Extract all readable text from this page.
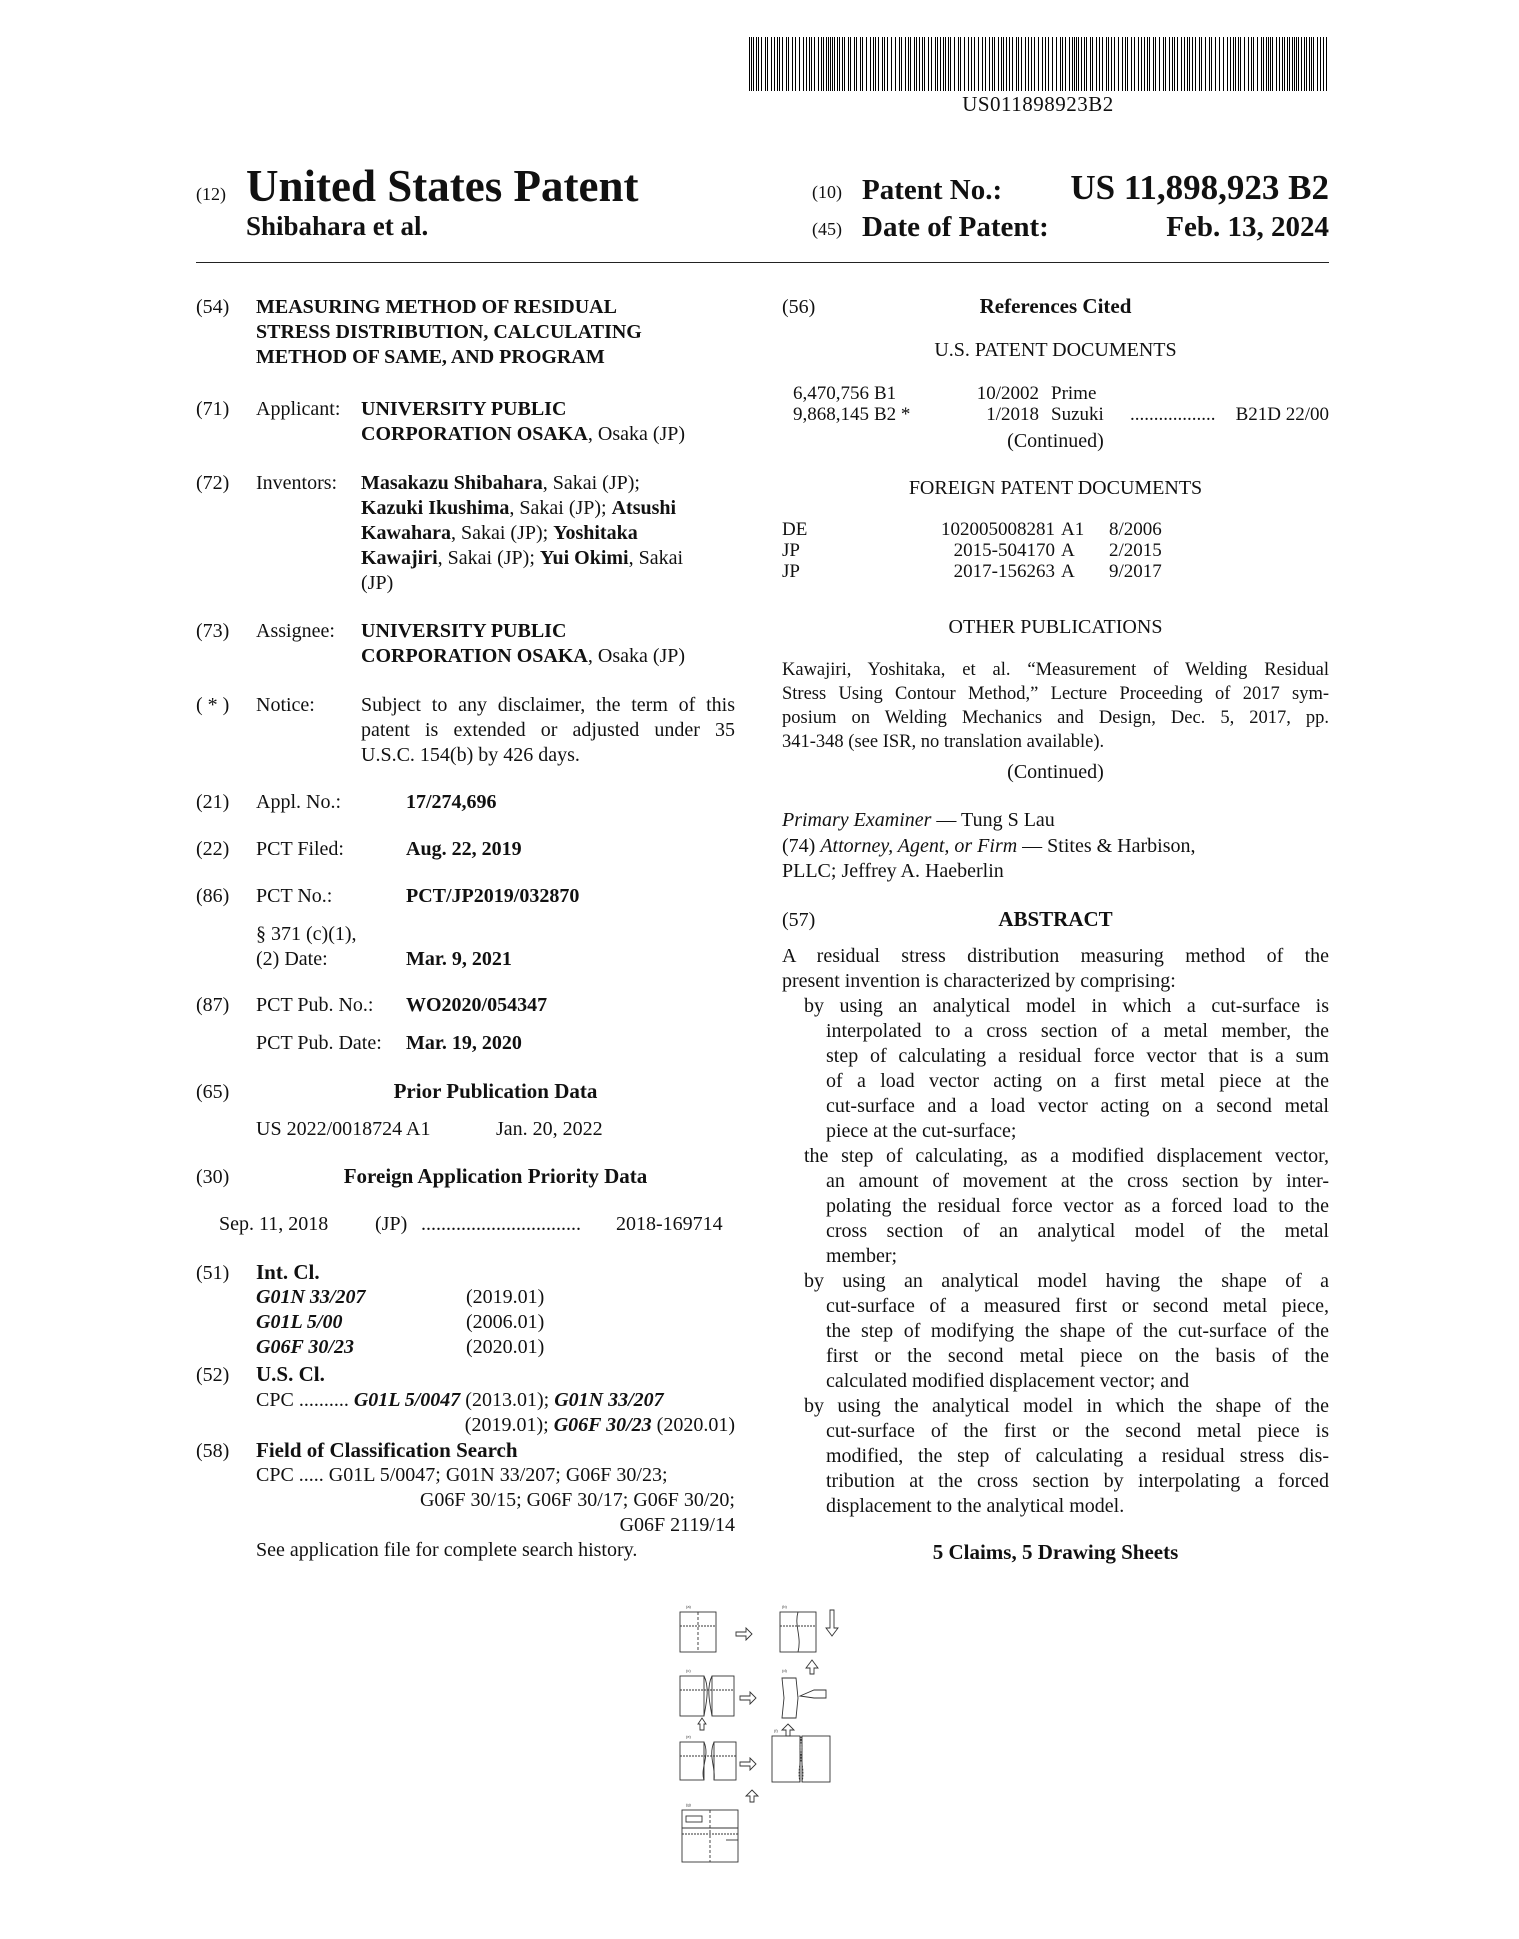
US011898923B2
(12) United States Patent
Shibahara et al.
(10) Patent No.: US 11,898,923 B2
(45) Date of Patent:	Feb. 13, 2024
(54) MEASURING METHOD OF RESIDUAL
STRESS DISTRIBUTION, CALCULATING
METHOD OF SAME, AND PROGRAM
(71) Applicant: UNIVERSITY PUBLIC
CORPORATION OSAKA, Osaka (JP)
(72) Inventors: Masakazu Shibahara, Sakai (JP);
Kazuki Ikushima, Sakai (JP); Atsushi
Kawahara, Sakai (JP); Yoshitaka
Kawajiri, Sakai (JP); Yui Okimi, Sakai
(JP)
(73) Assignee: UNIVERSITY PUBLIC
CORPORATION OSAKA, Osaka (JP)
( * ) Notice: Subject to any disclaimer, the term of this
patent is extended or adjusted under 35
U.S.C. 154(b) by 426 days.
(21) Appl. No.:	17/274,696
(22) PCT Filed:	Aug. 22, 2019
(86) PCT No.:	PCT/JP2019/032870
§ 371 (c)(1),
(2) Date:	Mar. 9, 2021
(87) PCT Pub. No.: WO2020/054347
PCT Pub. Date: Mar. 19, 2020
(65)	Prior Publication Data
US 2022/0018724 A1	Jan. 20, 2022
(30)	Foreign Application Priority Data
Sep. 11, 2018 (JP) ................................ 2018-169714
(51) Int. Cl.
G01N 33/207	(2019.01)
G01L 5/00	(2006.01)
G06F 30/23	(2020.01)
(52) U.S. Cl.
CPC .......... G01L 5/0047 (2013.01); G01N 33/207
(2019.01); G06F 30/23 (2020.01)
(58) Field of Classification Search
CPC ..... G01L 5/0047; G01N 33/207; G06F 30/23;
G06F 30/15; G06F 30/17; G06F 30/20;
G06F 2119/14
See application file for complete search history.
(56)	References Cited
U.S. PATENT DOCUMENTS
6,470,756 B1	10/2002 Prime
9,868,145 B2 *	1/2018 Suzuki .................. B21D 22/00
(Continued)
FOREIGN PATENT DOCUMENTS
DE	102005008281 A1 8/2006
JP	2015-504170 A 2/2015
JP	2017-156263 A 9/2017
OTHER PUBLICATIONS
Kawajiri, Yoshitaka, et al. “Measurement of Welding Residual
Stress Using Contour Method,” Lecture Proceeding of 2017 sym-
posium on Welding Mechanics and Design, Dec. 5, 2017, pp.
341-348 (see ISR, no translation available).
(Continued)
Primary Examiner — Tung S Lau
(74) Attorney, Agent, or Firm — Stites & Harbison,
PLLC; Jeffrey A. Haeberlin
(57)	ABSTRACT
A residual stress distribution measuring method of the
present invention is characterized by comprising:
by using an analytical model in which a cut-surface is
interpolated to a cross section of a metal member, the
step of calculating a residual force vector that is a sum
of a load vector acting on a first metal piece at the
cut-surface and a load vector acting on a second metal
piece at the cut-surface;
the step of calculating, as a modified displacement vector,
an amount of movement at the cross section by inter-
polating the residual force vector as a forced load to the
cross section of an analytical model of the metal
member;
by using an analytical model having the shape of a
cut-surface of a measured first or second metal piece,
the step of modifying the shape of the cut-surface of the
first or the second metal piece on the basis of the
calculated modified displacement vector; and
by using the analytical model in which the shape of the
cut-surface of the first or the second metal piece is
modified, the step of calculating a residual stress dis-
tribution at the cross section by interpolating a forced
displacement to the analytical model.
5 Claims, 5 Drawing Sheets
(a)	(b)
(c)	(d)
(e)
(f)
(g)
